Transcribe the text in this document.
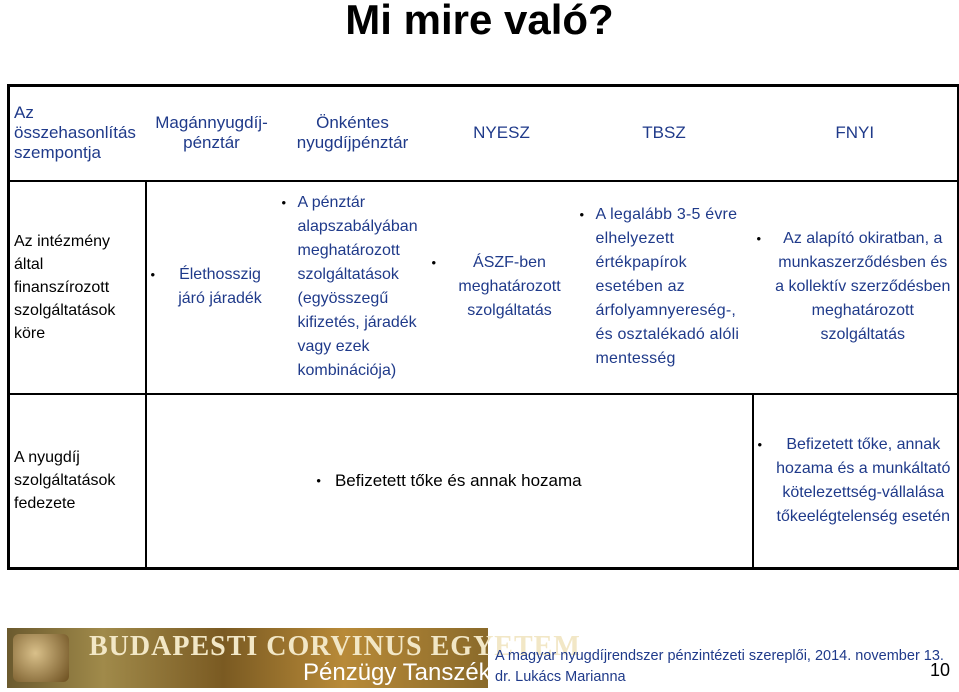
Mi mire való?
Az összehasonlítás szempontja	Magánnyugdíj-pénztár	Önkéntes nyugdíjpénztár	NYESZ	TBSZ	FNYI
Az intézmény által finanszírozott szolgáltatások köre	• Élethosszig járó járadék	• A pénztár alapszabályában meghatározott szolgáltatások (egyösszegű kifizetés, járadék vagy ezek kombinációja)	• ÁSZF-ben meghatározott szolgáltatás	• A legalább 3-5 évre elhelyezett értékpapírok esetében az árfolyamnyereség-, és osztalékadó alóli mentesség	• Az alapító okiratban, a munkaszerződésben és a kollektív szerződésben meghatározott szolgáltatás

A nyugdíj szolgáltatások fedezete	• Befizetett tőke és annak hozama				• Befizetett tőke, annak hozama és a munkáltató kötelezettség-vállalása tőkeelégtelenség esetén
BUDAPESTI CORVINUS EGYETEM
Pénzügy Tanszék
A magyar nyugdíjrendszer pénzintézeti szereplői, 2014. november 13.
dr. Lukács Marianna	10
